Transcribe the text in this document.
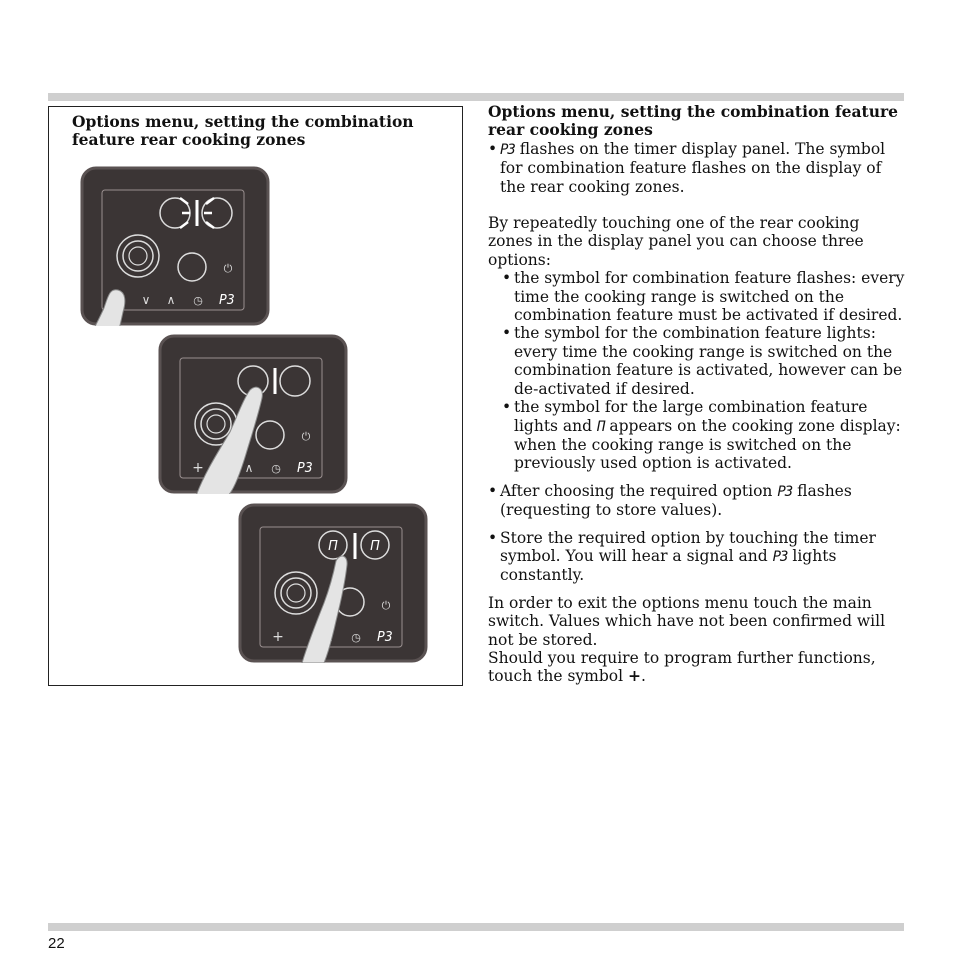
Options menu, setting the combination feature rear cooking zones
⏻
∨ ∧ ◷ P3
⏻
+	∧ ◷ P3
Π Π
⏻
+	◷ P3

Options menu, setting the combination feature rear cooking zones

• P3 flashes on the timer display panel. The symbol for combination feature flashes on the display of the rear cooking zones.

By repeatedly touching one of the rear cooking zones in the display panel you can choose three options:

• the symbol for combination feature flashes: every time the cooking range is switched on the combination feature must be activated if desired.
• the symbol for the combination feature lights: every time the cooking range is switched on the combination feature is activated, however can be de-activated if desired.
• the symbol for the large combination feature lights and Π appears on the cooking zone display:
when the cooking range is switched on the previously used option is activated.
• After choosing the required option P3 flashes (requesting to store values).
• Store the required option by touching the timer symbol. You will hear a signal and P3 lights constantly.

In order to exit the options menu touch the main switch. Values which have not been confirmed will not be stored.

Should you require to program further functions, touch the symbol +.

22
